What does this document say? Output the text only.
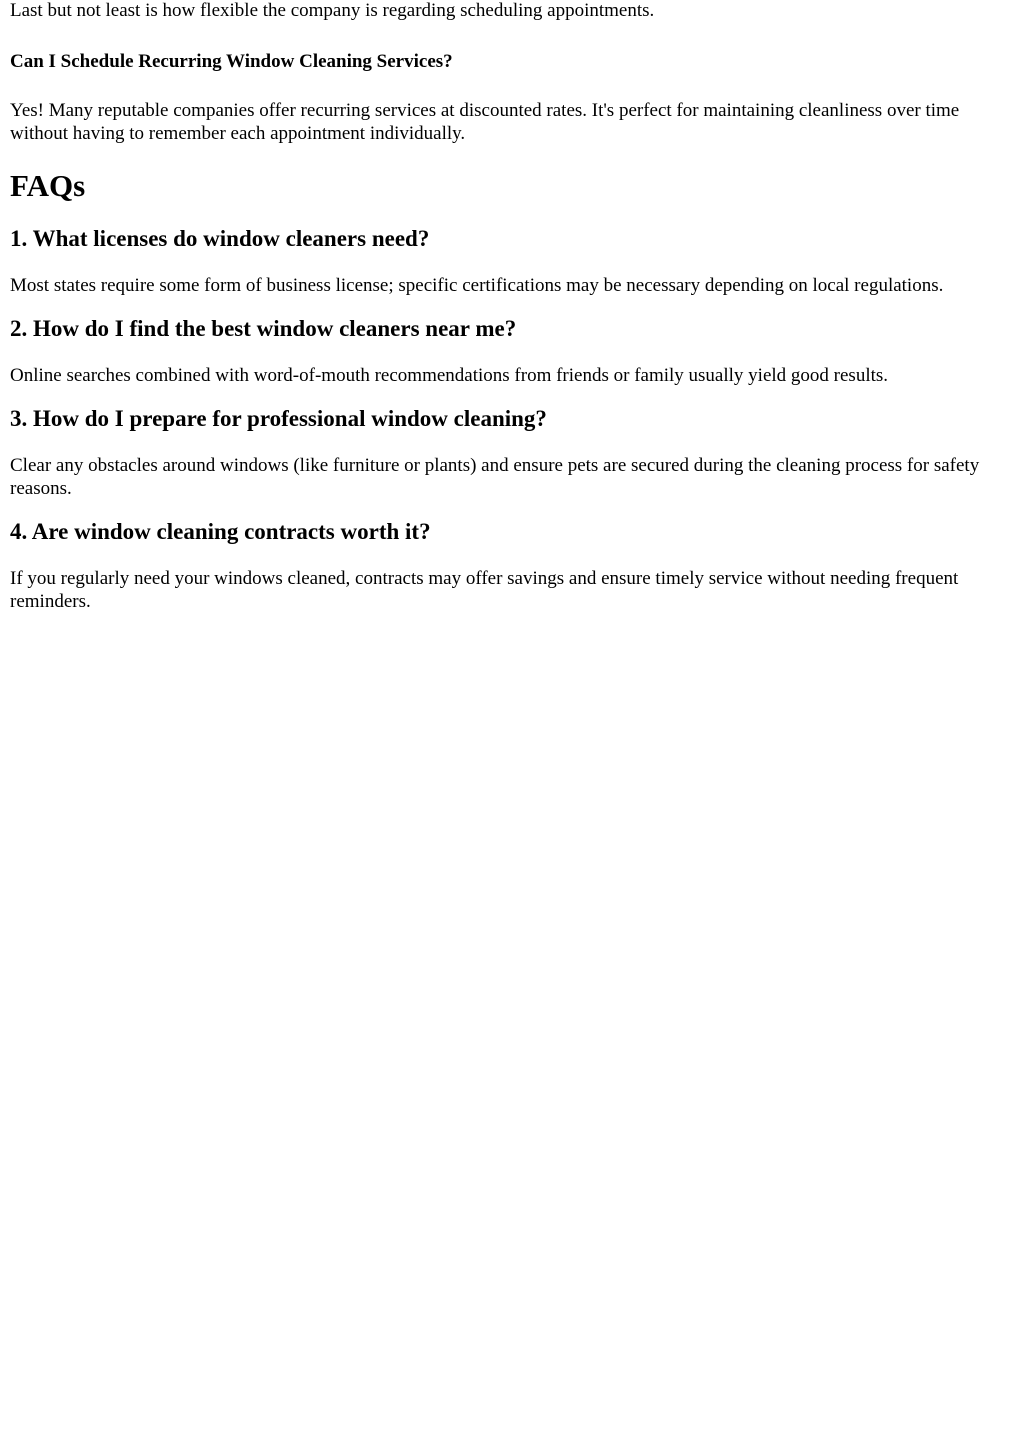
Last but not least is how flexible the company is regarding scheduling appointments.

Can I Schedule Recurring Window Cleaning Services?

Yes! Many reputable companies offer recurring services at discounted rates. It's perfect for maintaining cleanliness over time without having to remember each appointment individually.

FAQs
1. What licenses do window cleaners need?

Most states require some form of business license; specific certifications may be necessary depending on local regulations.

2. How do I find the best window cleaners near me?

Online searches combined with word-of-mouth recommendations from friends or family usually yield good results.

3. How do I prepare for professional window cleaning?

Clear any obstacles around windows (like furniture or plants) and ensure pets are secured during the cleaning process for safety reasons.

4. Are window cleaning contracts worth it?

If you regularly need your windows cleaned, contracts may offer savings and ensure timely service without needing frequent reminders.
